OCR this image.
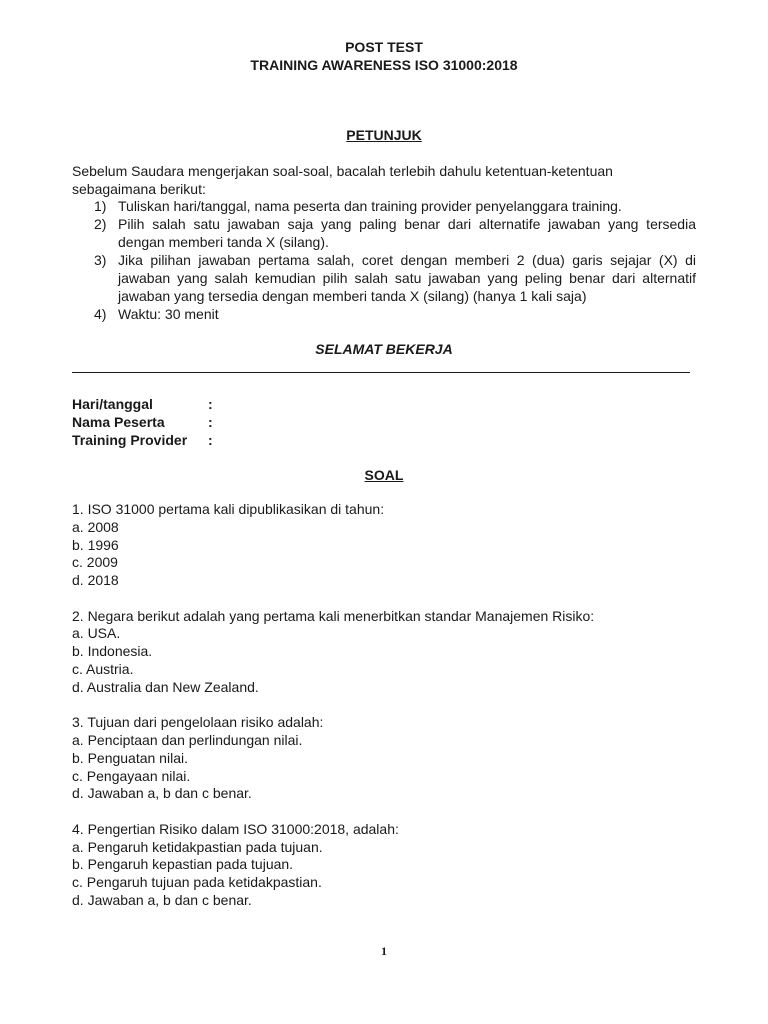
POST TEST
TRAINING AWARENESS ISO 31000:2018
PETUNJUK
Sebelum Saudara mengerjakan soal-soal, bacalah terlebih dahulu ketentuan-ketentuan sebagaimana berikut:
1) Tuliskan hari/tanggal, nama peserta dan training provider penyelanggara training.
2) Pilih salah satu jawaban saja yang paling benar dari alternatife jawaban yang tersedia dengan memberi tanda X (silang).
3) Jika pilihan jawaban pertama salah, coret dengan memberi 2 (dua) garis sejajar (X) di jawaban yang salah kemudian pilih salah satu jawaban yang peling benar dari alternatif jawaban yang tersedia dengan memberi tanda X (silang) (hanya 1 kali saja)
4) Waktu: 30 menit
SELAMAT BEKERJA
Hari/tanggal	:
Nama Peserta	:
Training Provider	:
SOAL
1. ISO 31000 pertama kali dipublikasikan di tahun:
a. 2008
b. 1996
c. 2009
d. 2018
2. Negara berikut adalah yang pertama kali menerbitkan standar Manajemen Risiko:
a. USA.
b. Indonesia.
c. Austria.
d. Australia dan New Zealand.
3. Tujuan dari pengelolaan risiko adalah:
a. Penciptaan dan perlindungan nilai.
b. Penguatan nilai.
c. Pengayaan nilai.
d. Jawaban a, b dan c benar.
4. Pengertian Risiko dalam ISO 31000:2018, adalah:
a. Pengaruh ketidakpastian pada tujuan.
b. Pengaruh kepastian pada tujuan.
c. Pengaruh tujuan pada ketidakpastian.
d. Jawaban a, b dan c benar.
1
